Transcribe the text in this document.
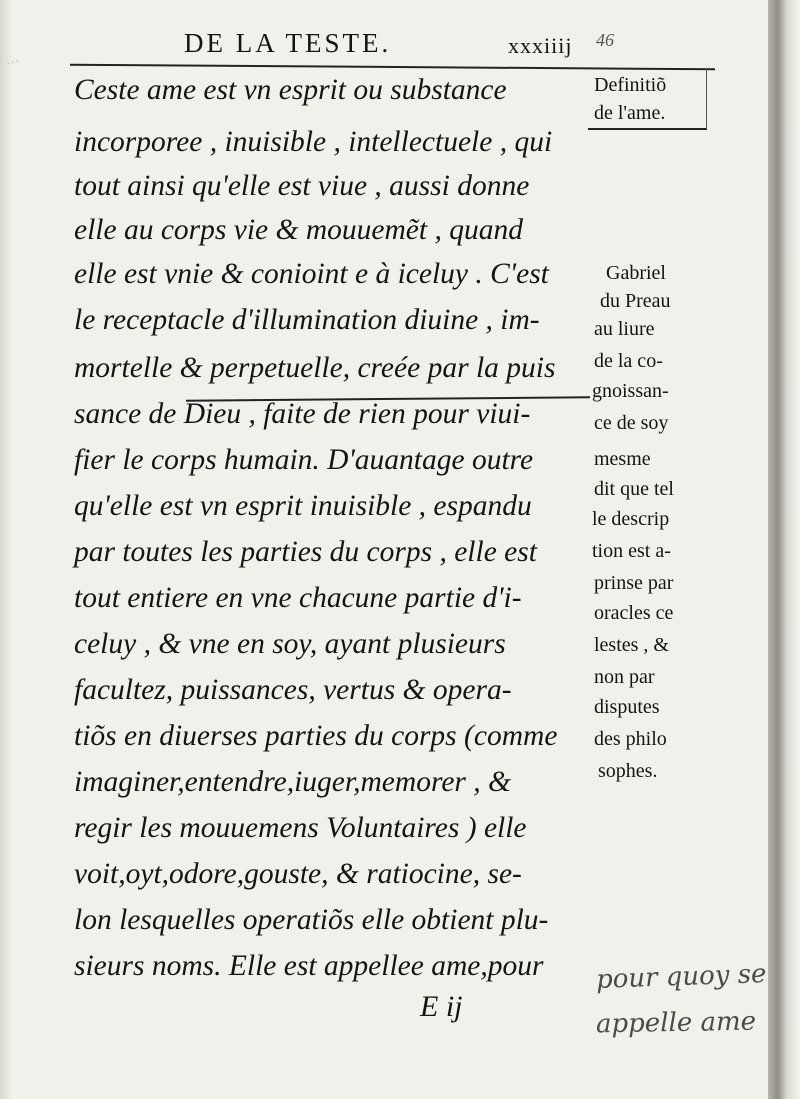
DE LA TESTE.	xxxiiij 46
…
Ceste ame est vn esprit ou substance
incorporee , inuisible , intellectuele , qui
tout ainsi qu'elle est viue , aussi donne
elle au corps vie & mouuemẽt , quand
elle est vnie & conioint e à iceluy . C'est
le receptacle d'illumination diuine , im-
mortelle & perpetuelle, creée par la puis
sance de Dieu , faite de rien pour viui-
fier le corps humain. D'auantage outre
qu'elle est vn esprit inuisible , espandu
par toutes les parties du corps , elle est
tout entiere en vne chacune partie d'i-
celuy , & vne en soy, ayant plusieurs
facultez, puissances, vertus & opera-
tiõs en diuerses parties du corps (comme
imaginer,entendre,iuger,memorer , &
regir les mouuemens Voluntaires ) elle
voit,oyt,odore,gouste, & ratiocine, se-
lon lesquelles operatiõs elle obtient plu-
sieurs noms. Elle est appellee ame,pour
Definitiõ
de l'ame.
Gabriel
du Preau
au liure
de la co-
gnoissan-
ce de soy
mesme
dit que tel
le descrip
tion est a-
prinse par
oracles ce
lestes , &
non par
disputes
des philo
sophes.
pour quoy se
appelle ame
E ij
